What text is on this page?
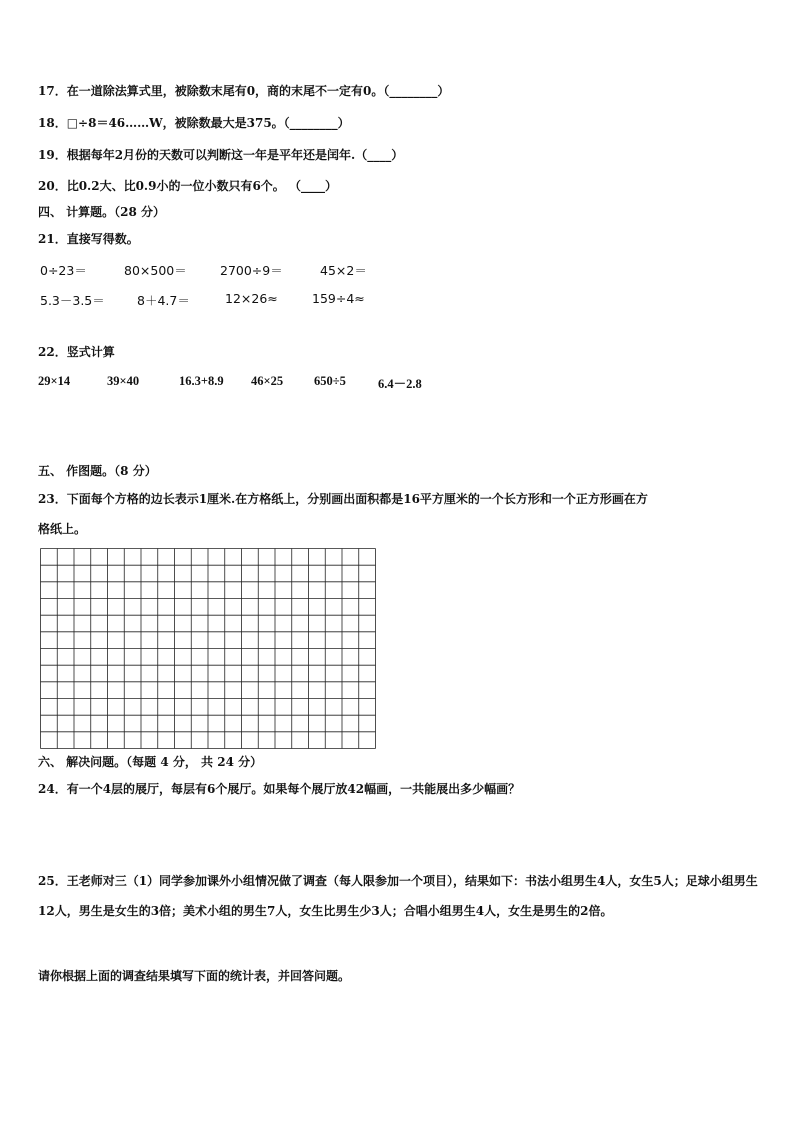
17．在一道除法算式里，被除数末尾有0，商的末尾不一定有0。（________）
18．□÷8＝46……W，被除数最大是375。（________）
19．根据每年2月份的天数可以判断这一年是平年还是闰年.（____）
20．比0.2大、比0.9小的一位小数只有6个。 （____）
四、 计算题。（28 分）
21．直接写得数。
0÷23＝	80×500＝	2700÷9＝	45×2＝
5.3－3.5＝	8＋4.7＝	12×26≈	159÷4≈
22．竖式计算
29×14	39×40	16.3+8.9 46×25 650÷5	6.4－2.8
五、 作图题。（8 分）
23．下面每个方格的边长表示1厘米.在方格纸上，分别画出面积都是16平方厘米的一个长方形和一个正方形画在方
格纸上。
六、 解决问题。（每题 4 分， 共 24 分）
24．有一个4层的展厅，每层有6个展厅。如果每个展厅放42幅画，一共能展出多少幅画？
25．王老师对三（1）同学参加课外小组情况做了调查（每人限参加一个项目），结果如下：书法小组男生4人，女生5人；足球小组男生12人，男生是女生的3倍；美术小组的男生7人，女生比男生少3人；合唱小组男生4人，女生是男生的2倍。
请你根据上面的调查结果填写下面的统计表，并回答问题。
